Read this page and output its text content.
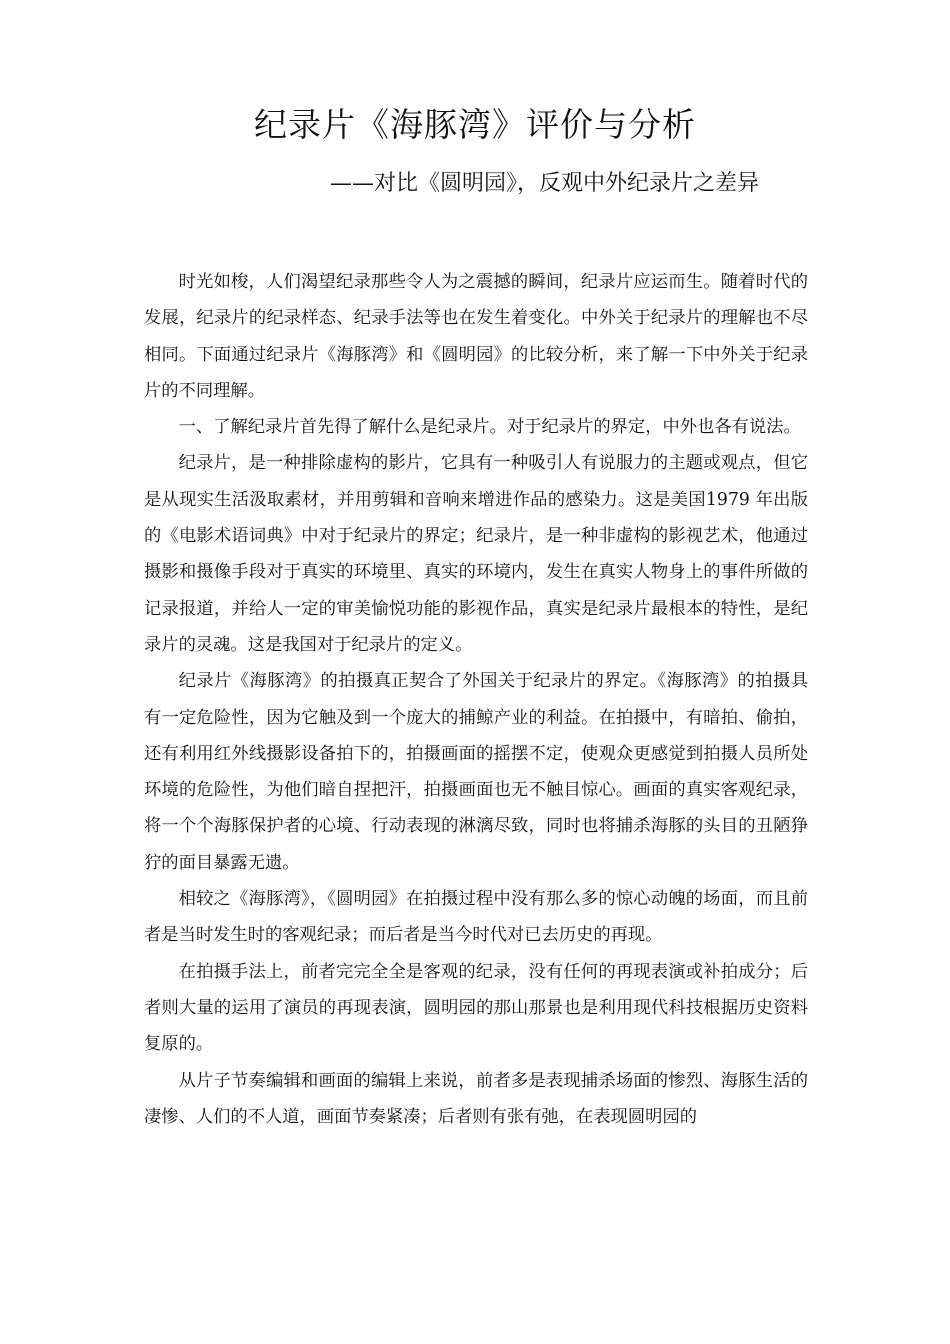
纪录片《海豚湾》评价与分析
——对比《圆明园》，反观中外纪录片之差异

时光如梭，人们渴望纪录那些令人为之震撼的瞬间，纪录片应运而生。随着时代的发展，纪录片的纪录样态、纪录手法等也在发生着变化。中外关于纪录片的理解也不尽相同。下面通过纪录片《海豚湾》和《圆明园》的比较分析，来了解一下中外关于纪录片的不同理解。

一、了解纪录片首先得了解什么是纪录片。对于纪录片的界定，中外也各有说法。

纪录片，是一种排除虚构的影片，它具有一种吸引人有说服力的主题或观点，但它是从现实生活汲取素材，并用剪辑和音响来增进作品的感染力。这是美国1979 年出版的《电影术语词典》中对于纪录片的界定；纪录片，是一种非虚构的影视艺术，他通过摄影和摄像手段对于真实的环境里、真实的环境内，发生在真实人物身上的事件所做的记录报道，并给人一定的审美愉悦功能的影视作品，真实是纪录片最根本的特性，是纪录片的灵魂。这是我国对于纪录片的定义。

纪录片《海豚湾》的拍摄真正契合了外国关于纪录片的界定。《海豚湾》的拍摄具有一定危险性，因为它触及到一个庞大的捕鲸产业的利益。在拍摄中，有暗拍、偷拍，还有利用红外线摄影设备拍下的，拍摄画面的摇摆不定，使观众更感觉到拍摄人员所处环境的危险性，为他们暗自捏把汗，拍摄画面也无不触目惊心。画面的真实客观纪录，将一个个海豚保护者的心境、行动表现的淋漓尽致，同时也将捕杀海豚的头目的丑陋狰狞的面目暴露无遗。

相较之《海豚湾》，《圆明园》在拍摄过程中没有那么多的惊心动魄的场面，而且前者是当时发生时的客观纪录；而后者是当今时代对已去历史的再现。

在拍摄手法上，前者完完全全是客观的纪录，没有任何的再现表演或补拍成分；后者则大量的运用了演员的再现表演，圆明园的那山那景也是利用现代科技根据历史资料复原的。

从片子节奏编辑和画面的编辑上来说，前者多是表现捕杀场面的惨烈、海豚生活的凄惨、人们的不人道，画面节奏紧凑；后者则有张有弛，在表现圆明园的
